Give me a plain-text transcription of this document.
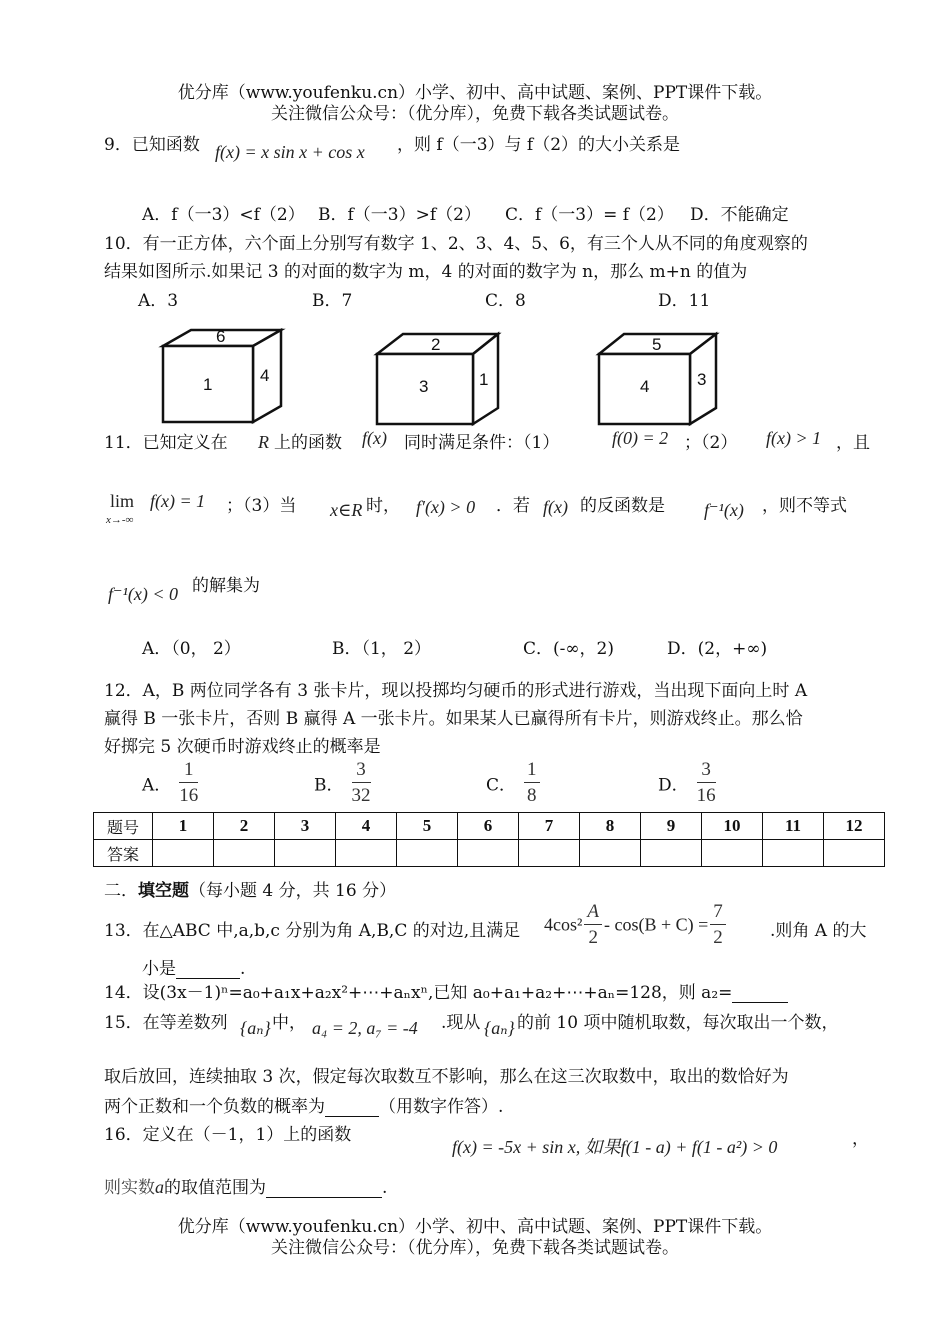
优分库（www.youfenku.cn）小学、初中、高中试题、案例、PPT课件下载。
关注微信公众号：（优分库），免费下载各类试题试卷。
9．已知函数 f(x) = x sin x + cos x ，则 f（一3）与 f（2）的大小关系是
A．f（一3）<f（2） B．f（一3）>f（2） C．f（一3）= f（2） D．不能确定
10．有一正方体，六个面上分别写有数字 1、2、3、4、5、6，有三个人从不同的角度观察的
结果如图所示.如果记 3 的对面的数字为 m，4 的对面的数字为 n，那么 m+n 的值为
A．3	B．7	C．8	D．11
6
1	4
2
3	1
5
4	3
11．已知定义在 R 上的函数 f(x) 同时满足条件：（1）	f(0) = 2 ；（2） f(x) > 1 ，且
lim
x→-∞
f(x) = 1 ；（3）当 x∈R 时， f′(x) > 0 ．若 f(x) 的反函数是 f⁻¹(x) ，则不等式
f⁻¹(x) < 0 的解集为
A．（0， 2）	B．（1， 2）	C．(-∞，2)	D．(2，+∞)
12．A，B 两位同学各有 3 张卡片，现以投掷均匀硬币的形式进行游戏，当出现下面向上时 A
赢得 B 一张卡片，否则 B 赢得 A 一张卡片。如果某人已赢得所有卡片，则游戏终止。那么恰
好掷完 5 次硬币时游戏终止的概率是
A． $\frac{1}{16}$	B． $\frac{3}{32}$	C． $\frac{1}{8}$	D． $\frac{3}{16}$
题号	1	2	3	4	5	6	7	8	9	10	11	12
答案												
二．填空题（每小题 4 分，共 16 分）
13．在△ABC 中,a,b,c 分别为角 A,B,C 的对边,且满足 $4\cos^2 \frac{A}{2} - \cos(B + C) = \frac{7}{2}$	.则角 A 的大
小是	.
14．设(3x－1)ⁿ=a₀+a₁x+a₂x²+⋯+aₙxⁿ,已知 a₀+a₁+a₂+⋯+aₙ=128，则 a₂=
15．在等差数列 {aₙ} 中， a₄ = 2, a₇ = -4 .现从 {aₙ} 的前 10 项中随机取数，每次取出一个数，
取后放回，连续抽取 3 次，假定每次取数互不影响，那么在这三次取数中，取出的数恰好为
两个正数和一个负数的概率为	（用数字作答）.
16．定义在（－1，1）上的函数
f(x) = -5x + sin x, 如果f(1 - a) + f(1 - a²) > 0	，
则实数a的取值范围为	.
优分库（www.youfenku.cn）小学、初中、高中试题、案例、PPT课件下载。
关注微信公众号：（优分库），免费下载各类试题试卷。
